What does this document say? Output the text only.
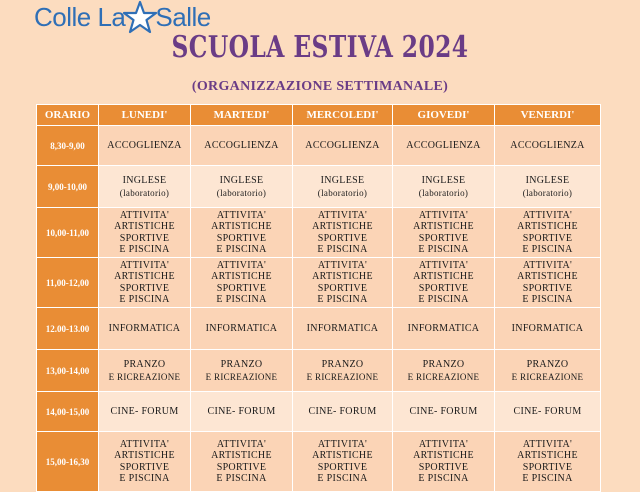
Colle La Salle
SCUOLA ESTIVA 2024
(ORGANIZZAZIONE SETTIMANALE)
ORARIO	LUNEDI'	MARTEDI'	MERCOLEDI'	GIOVEDI'	VENERDI'
8,30-9,00	ACCOGLIENZA	ACCOGLIENZA	ACCOGLIENZA	ACCOGLIENZA	ACCOGLIENZA

9,00-10,00	INGLESE
(laboratorio)	INGLESE
(laboratorio)	INGLESE
(laboratorio)	INGLESE
(laboratorio)	INGLESE
(laboratorio)

10,00-11,00	ATTIVITA'
ARTISTICHE
SPORTIVE
E PISCINA	ATTIVITA'
ARTISTICHE
SPORTIVE
E PISCINA	ATTIVITA'
ARTISTICHE
SPORTIVE
E PISCINA	ATTIVITA'
ARTISTICHE
SPORTIVE
E PISCINA	ATTIVITA'
ARTISTICHE
SPORTIVE
E PISCINA

11,00-12,00	ATTIVITA'
ARTISTICHE
SPORTIVE
E PISCINA	ATTIVITA'
ARTISTICHE
SPORTIVE
E PISCINA	ATTIVITA'
ARTISTICHE
SPORTIVE
E PISCINA	ATTIVITA'
ARTISTICHE
SPORTIVE
E PISCINA	ATTIVITA'
ARTISTICHE
SPORTIVE
E PISCINA

12.00-13.00	INFORMATICA	INFORMATICA	INFORMATICA	INFORMATICA	INFORMATICA

13,00-14,00	PRANZO
E RICREAZIONE	PRANZO
E RICREAZIONE	PRANZO
E RICREAZIONE	PRANZO
E RICREAZIONE	PRANZO
E RICREAZIONE

14,00-15,00	CINE- FORUM	CINE- FORUM	CINE- FORUM	CINE- FORUM	CINE- FORUM

15,00-16,30	ATTIVITA'
ARTISTICHE
SPORTIVE
E PISCINA	ATTIVITA'
ARTISTICHE
SPORTIVE
E PISCINA	ATTIVITA'
ARTISTICHE
SPORTIVE
E PISCINA	ATTIVITA'
ARTISTICHE
SPORTIVE
E PISCINA	ATTIVITA'
ARTISTICHE
SPORTIVE
E PISCINA
